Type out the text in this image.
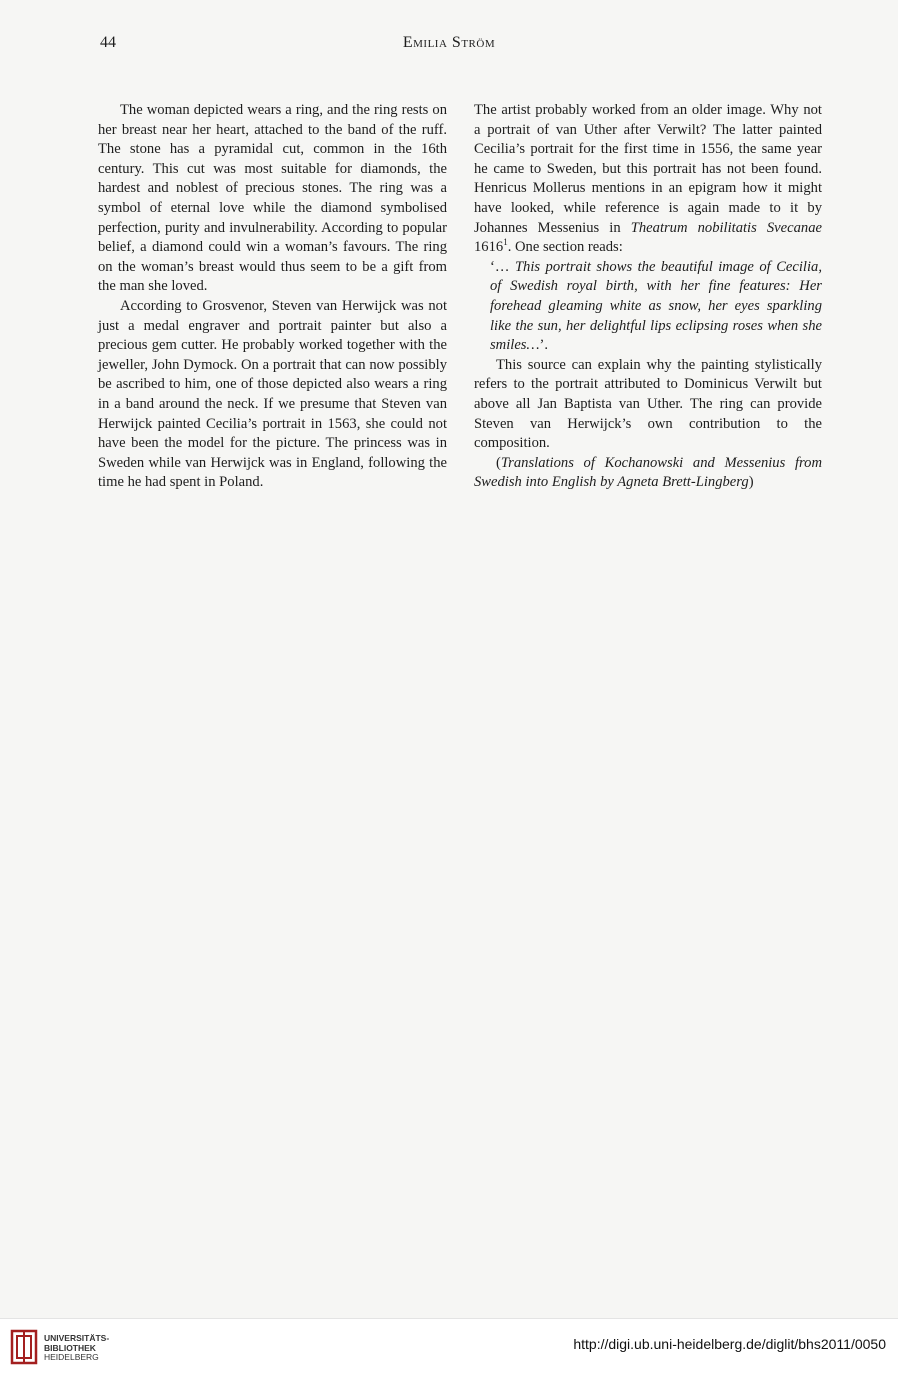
44	Emilia Ström

The woman depicted wears a ring, and the ring rests on her breast near her heart, attached to the band of the ruff. The stone has a pyramidal cut, common in the 16th century. This cut was most suitable for diamonds, the hardest and noblest of precious stones. The ring was a symbol of eternal love while the diamond symbolised perfection, purity and invulnerability. According to popular belief, a diamond could win a woman’s favours. The ring on the woman’s breast would thus seem to be a gift from the man she loved.

According to Grosvenor, Steven van Herwijck was not just a medal engraver and portrait painter but also a precious gem cutter. He probably worked together with the jeweller, John Dymock. On a portrait that can now possibly be ascribed to him, one of those depicted also wears a ring in a band around the neck. If we presume that Steven van Herwijck painted Cecilia’s portrait in 1563, she could not have been the model for the picture. The princess was in Sweden while van Herwijck was in England, following the time he had spent in Poland.

The artist probably worked from an older image. Why not a portrait of van Uther after Verwilt? The latter painted Cecilia’s portrait for the first time in 1556, the same year he came to Sweden, but this portrait has not been found. Henricus Mollerus mentions in an epigram how it might have looked, while reference is again made to it by Johannes Messenius in Theatrum nobilitatis Svecanae 1616$^1$. One section reads:

‘… This portrait shows the beautiful image of Cecilia, of Swedish royal birth, with her fine features: Her forehead gleaming white as snow, her eyes sparkling like the sun, her delightful lips eclipsing roses when she smiles…’.

This source can explain why the painting stylistically refers to the portrait attributed to Dominicus Verwilt but above all Jan Baptista van Uther. The ring can provide Steven van Herwijck’s own contribution to the composition.

(Translations of Kochanowski and Messenius from Swedish into English by Agneta Brett-Lingberg)

UNIVERSITÄTS-
BIBLIOTHEK
HEIDELBERG
http://digi.ub.uni-heidelberg.de/diglit/bhs2011/0050
